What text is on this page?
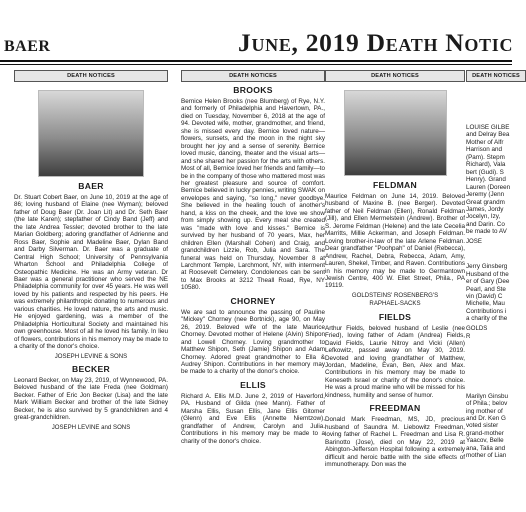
BAER	June, 2019 Death Notic
DEATH NOTICES
BAER

Dr. Stuart Cobert Baer, on June 10, 2019 at the age of 86; loving husband of Elaine (nee Wyman); beloved father of Doug Baer (Dr. Joan Lit) and Dr. Seth Baer (the late Karen); stepfather of Cindy Band (Jeff) and the late Andrea Tessler; devoted brother to the late Marian Goldberg; adoring grandfather of Adrienne and Ross Baer, Sophie and Madeline Baer, Dylan Band and Darby Silverman. Dr. Baer was a graduate of Central High School; University of Pennsylvania Wharton School and Philadelphia College of Osteopathic Medicine. He was an Army veteran. Dr Baer was a general practitioner who served the NE Philadelphia community for over 45 years. He was well loved by his patients and respected by his peers. He was extremely philanthropic donating to numerous and various charities. He loved nature, the arts and music. He enjoyed gardening, was a member of the Philadelphia Horticultural Society and maintained his own greenhouse. Most of all he loved his family. In lieu of flowers, contributions in his memory may be made to a charity of the donor's choice.

JOSEPH LEVINE & SONS
BECKER

Leonard Becker, on May 23, 2019, of Wynnewood, PA. Beloved husband of the late Freda (nee Goldman) Becker. Father of Eric Jon Becker (Lisa) and the late Mark William Becker and brother of the late Sidney Becker, he is also survived by 5 grandchildren and 4 great-grandchildren.

JOSEPH LEVINE and SONS
DEATH NOTICES
BROOKS

Bernice Helen Brooks (nee Blumberg) of Rye, N.Y. and formerly of Philadelphia and Havertown, PA., died on Tuesday, November 6, 2018 at the age of 94. Devoted wife, mother, grandmother, and friend, she is missed every day. Bernice loved nature—flowers, sunsets, and the moon in the night sky brought her joy and a sense of serenity. Bernice loved music, dancing, theater and the visual arts—and she shared her passion for the arts with others. Most of all, Bernice loved her friends and family—to be in the company of those who mattered most was her greatest pleasure and source of comfort. Bernice believed in lucky pennies, writing SWAK on envelopes and saying, "so long," never goodbye. She believed in the healing touch of another's hand, a kiss on the cheek, and the love we show from simply showing up. Every meal she created was "made with love and kisses." Bernice is survived by her husband of 70 years, Max, her children Ellen (Marshall Cohen) and Craig, and grandchildren Lizzie, Rob, Julia and Sara. The funeral was held on Thursday, November 8 at Larchmont Temple, Larchmont, NY, with interment at Roosevelt Cemetery. Condolences can be sent to Max Brooks at 3212 Theall Road, Rye, NY 10580.

CHORNEY

We are sad to announce the passing of Pauline "Mickey" Chorney (nee Bortnick), age 90, on May 26, 2019. Beloved wife of the late Maurice Chorney. Devoted mother of Helene (Alvin) Shipon and Lowell Chorney. Loving grandmother to Matthew Shipon, Seth (Jamie) Shipon and Adam Chorney. Adored great grandmother to Ella & Audrey Shipon. Contributions in her memory may be made to a charity of the donor's choice.

ELLIS

Richard A. Ellis M.D. June 2, 2019 of Haverford, PA. Husband of Gilda (nee Mann). Father of Marsha Ellis, Susan Ellis, Jane Ellis Gitomer (Glenn) and Eve Ellis (Annette Niemtzow), grandfather of Andrew, Carolyn and Julia. Contributions in his memory may be made to a charity of the donor's choice.

DEATH NOTICES
FELDMAN

Maurice Feldman on June 14, 2019. Beloved husband of Maxine B. (nee Berger). Devoted father of Neil Feldman (Ellen), Ronald Feldman (Jill), and Ellen Mermelstein (Andrew). Brother of S. Jerome Feldman (Helene) and the late Cecelia Marritts, Millie Ackerman, and Joseph Feldman. Loving brother-in-law of the late Arlene Feldman. Dear grandfather "Poohpah" of Daniel (Rebecca), Andrew, Rachel, Debra, Rebecca, Adam, Amy, Lauren, Shekel, Timber, and Raven. Contributions in his memory may be made to Germantown Jewish Centre, 400 W. Ellet Street, Phila., PA 19119.

GOLDSTEINS' ROSENBERG'S
RAPHAEL-SACKS
FIELDS

Arthur Fields, beloved husband of Leslie (nee Fried), loving father of Adam (Andrea) Fields, David Fields, Laurie Nitroy and Vicki (Allen) Lefkowitz, passed away on May 30, 2019. Devoted and loving grandfather of Matthew, Jordan, Madeline, Evan, Ben, Alex and Max. Contributions in his memory may be made to Keneseth Israel or charity of the donor's choice. He was a proud marine who will be missed for his kindness, humility and sense of humor.

FREEDMAN

Donald Mark Freedman, MS, JD, precious husband of Saundra M. Liebowitz Freedman, loving father of Rachel L. Freedman and Lisa R. Barinotto (Jose), died on May 22, 2019 at Abington-Jefferson Hospital following a extremely difficult and heroic battle with the side effects of immunotherapy. Don was the

DEATH NOTICES
LOUISE GILBE
and Delray Bea
Mother of Alfr
Harrison and
(Pam). Stepm
Richard), Vala
bert (Gudi). S
Henry). Grand
Lauren (Doreen
Jeremy (Jenn
Great grandm
James, Jordy
Jocelyn, Izy,
and Darin. Co
be made to AV
JOSE
Jerry Ginsberg
Husband of the
er of Gary (Dee
Pearl, and Ste
vin (David) C
Michelle, Mau
Contributions i
a charity of the
GOLDS
R
Marilyn Ginsbu
of Phila.; belov
ing mother of
and Dr. Ken G
voted sister
grand-mother
Yaacov, Belle
ana, Talia and
mother of Lian
